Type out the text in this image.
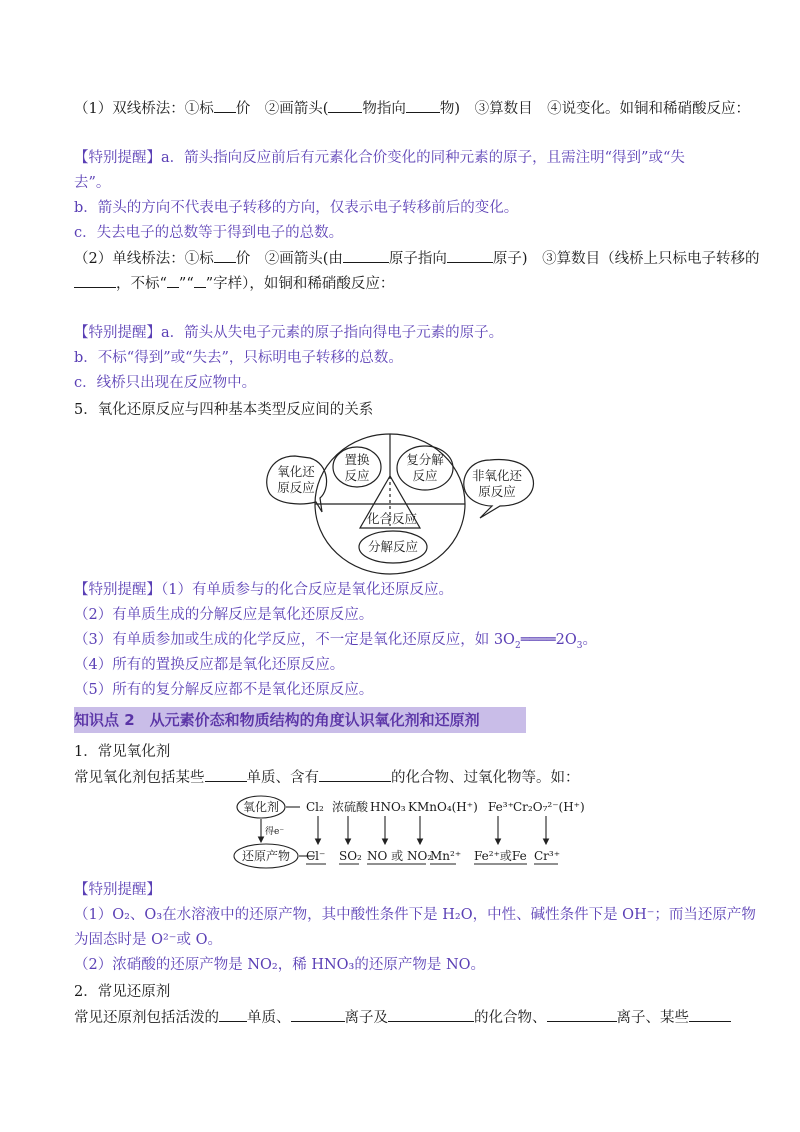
（1）双线桥法：①标 价　②画箭头( 物指向 物)　③算数目　④说变化。如铜和稀硝酸反应：
【特别提醒】a．箭头指向反应前后有元素化合价变化的同种元素的原子，且需注明“得到”或“失
去”。
b．箭头的方向不代表电子转移的方向，仅表示电子转移前后的变化。
c．失去电子的总数等于得到电子的总数。
（2）单线桥法：①标 价　②画箭头(由	原子指向	原子)　③算数目（线桥上只标电子转移的
，不标“ ”“ ”字样），如铜和稀硝酸反应：
【特别提醒】a．箭头从失电子元素的原子指向得电子元素的原子。
b．不标“得到”或“失去”，只标明电子转移的总数。
c．线桥只出现在反应物中。
5．氧化还原反应与四种基本类型反应间的关系
氧化还
原反应
非氧化还
原反应
置换
反应
复分解
反应
化合反应
分解反应
【特别提醒】（1）有单质参与的化合反应是氧化还原反应。
（2）有单质生成的分解反应是氧化还原反应。
（3）有单质参加或生成的化学反应，不一定是氧化还原反应，如 $3O_2════2O_3$。
（4）所有的置换反应都是氧化还原反应。
（5）所有的复分解反应都不是氧化还原反应。
知识点 2　从元素价态和物质结构的角度认识氧化剂和还原剂
1．常见氧化剂
常见氧化剂包括某些	单质、含有	的化合物、过氧化物等。如：
氧化剂
还原产物
得e⁻
Cl₂ 浓硫酸 HNO₃ KMnO₄(H⁺) Fe³⁺ Cr₂O₇²⁻(H⁺)
Cl⁻ SO₂ NO 或 NO₂
Mn²⁺ Fe²⁺或Fe Cr³⁺
【特别提醒】
（1）O₂、O₃在水溶液中的还原产物，其中酸性条件下是 H₂O，中性、碱性条件下是 OH⁻；而当还原产物
为固态时是 O²⁻或 O。
（2）浓硝酸的还原产物是 NO₂，稀 HNO₃的还原产物是 NO。
2．常见还原剂
常见还原剂包括活泼的 单质、	离子及	的化合物、	离子、某些
